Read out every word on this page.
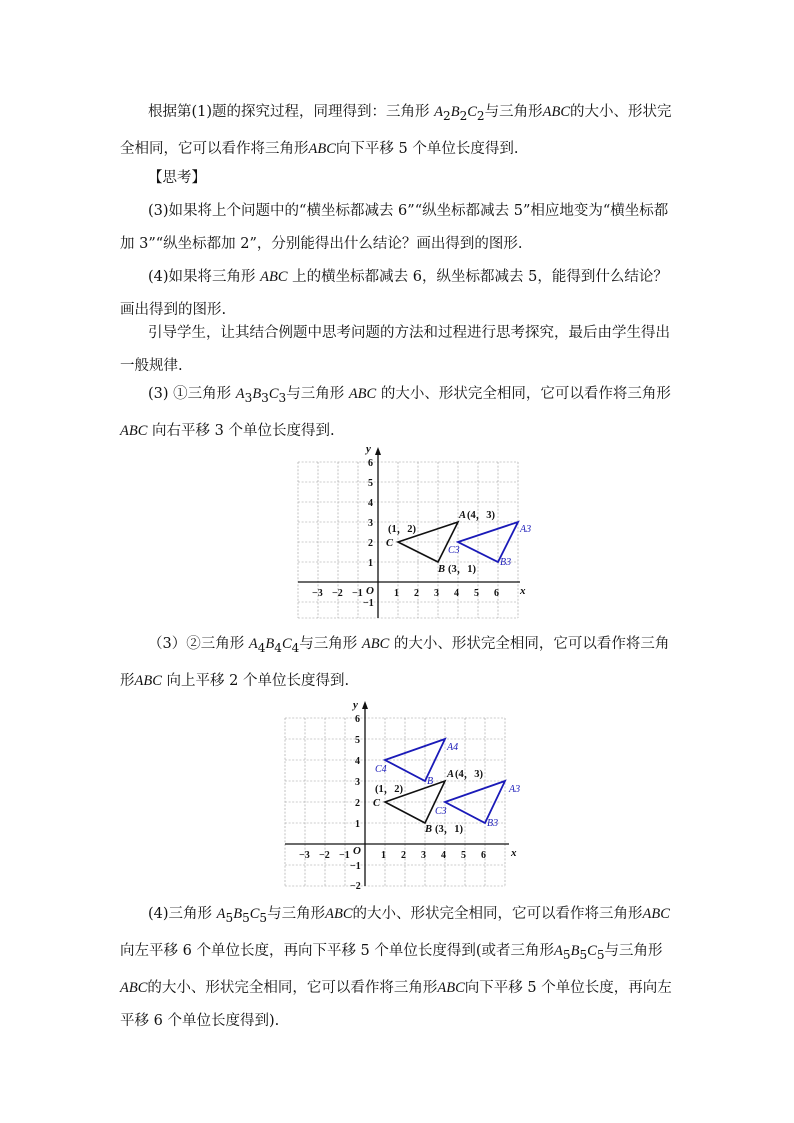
根据第(1)题的探究过程，同理得到：三角形 $A_2B_2C_2$与三角形ABC的大小、形状完全相同，它可以看作将三角形ABC向下平移 5 个单位长度得到.
【思考】
(3)如果将上个问题中的“横坐标都减去 6”“纵坐标都减去 5”相应地变为“横坐标都加 3”“纵坐标都加 2”，分别能得出什么结论？画出得到的图形.
(4)如果将三角形 ABC 上的横坐标都减去 6，纵坐标都减去 5，能得到什么结论？画出得到的图形.
引导学生，让其结合例题中思考问题的方法和过程进行思考探究，最后由学生得出一般规律.
(3) ①三角形 $A_3B_3C_3$与三角形 ABC 的大小、形状完全相同，它可以看作将三角形ABC 向右平移 3 个单位长度得到.
x
y
O
−3 −2 −1	1 2 3 4 5 6
6
5
4
3
2
1
−1
(1，2)
C
A (4，3)
B (3，1)
A3
B3
C3
（3）②三角形 $A_4B_4C_4$与三角形 ABC 的大小、形状完全相同，它可以看作将三角形ABC 向上平移 2 个单位长度得到.
x
y
O
−3 −2 −1	1 2 3 4 5 6
6
5
4
3
2
1
−1
−2
(1，2)
C
A (4，3)
B (3，1)
A3
B3
C3
A4
B
C4
(4)三角形 $A_5B_5C_5$与三角形ABC的大小、形状完全相同，它可以看作将三角形ABC向左平移 6 个单位长度，再向下平移 5 个单位长度得到(或者三角形$A_5B_5C_5$与三角形ABC的大小、形状完全相同，它可以看作将三角形ABC向下平移 5 个单位长度，再向左平移 6 个单位长度得到).
